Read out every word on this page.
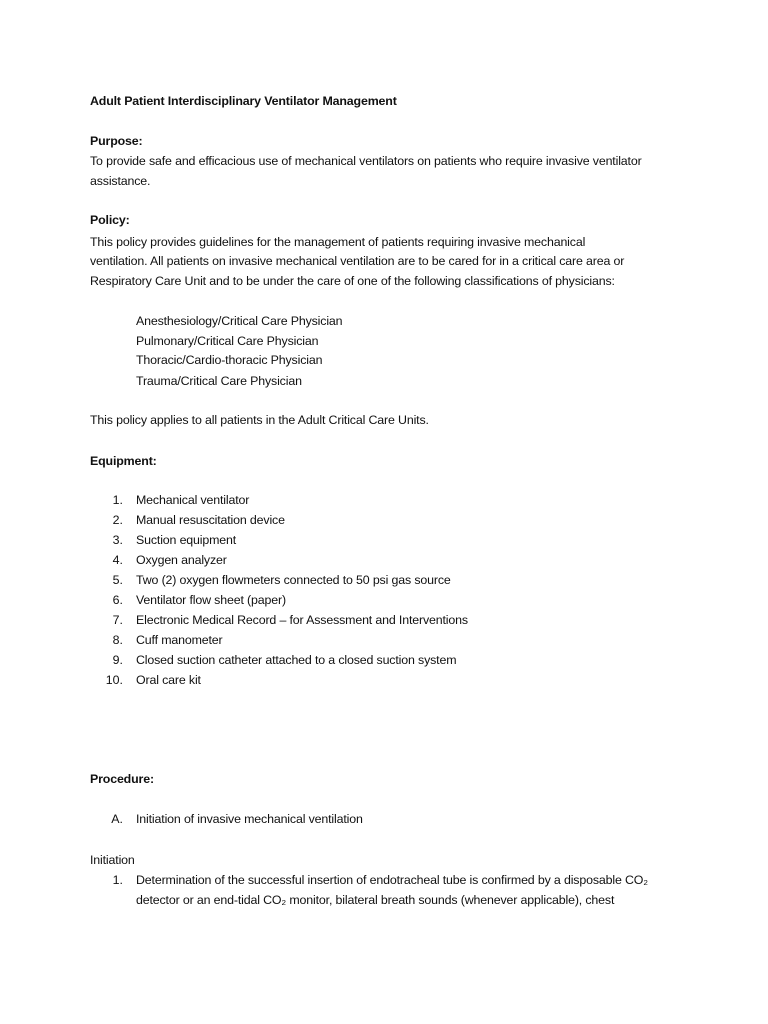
Adult Patient Interdisciplinary Ventilator Management
Purpose:
To provide safe and efficacious use of mechanical ventilators on patients who require invasive ventilator
assistance.
Policy:
This policy provides guidelines for the management of patients requiring invasive mechanical
ventilation. All patients on invasive mechanical ventilation are to be cared for in a critical care area or
Respiratory Care Unit and to be under the care of one of the following classifications of physicians:
Anesthesiology/Critical Care Physician
Pulmonary/Critical Care Physician
Thoracic/Cardio-thoracic Physician
Trauma/Critical Care Physician
This policy applies to all patients in the Adult Critical Care Units.
Equipment:
1. Mechanical ventilator
2. Manual resuscitation device
3. Suction equipment
4. Oxygen analyzer
5. Two (2) oxygen flowmeters connected to 50 psi gas source
6. Ventilator flow sheet (paper)
7. Electronic Medical Record – for Assessment and Interventions
8. Cuff manometer
9. Closed suction catheter attached to a closed suction system
10. Oral care kit
Procedure:
A. Initiation of invasive mechanical ventilation
Initiation
1. Determination of the successful insertion of endotracheal tube is confirmed by a disposable CO₂
detector or an end-tidal CO₂ monitor, bilateral breath sounds (whenever applicable), chest
